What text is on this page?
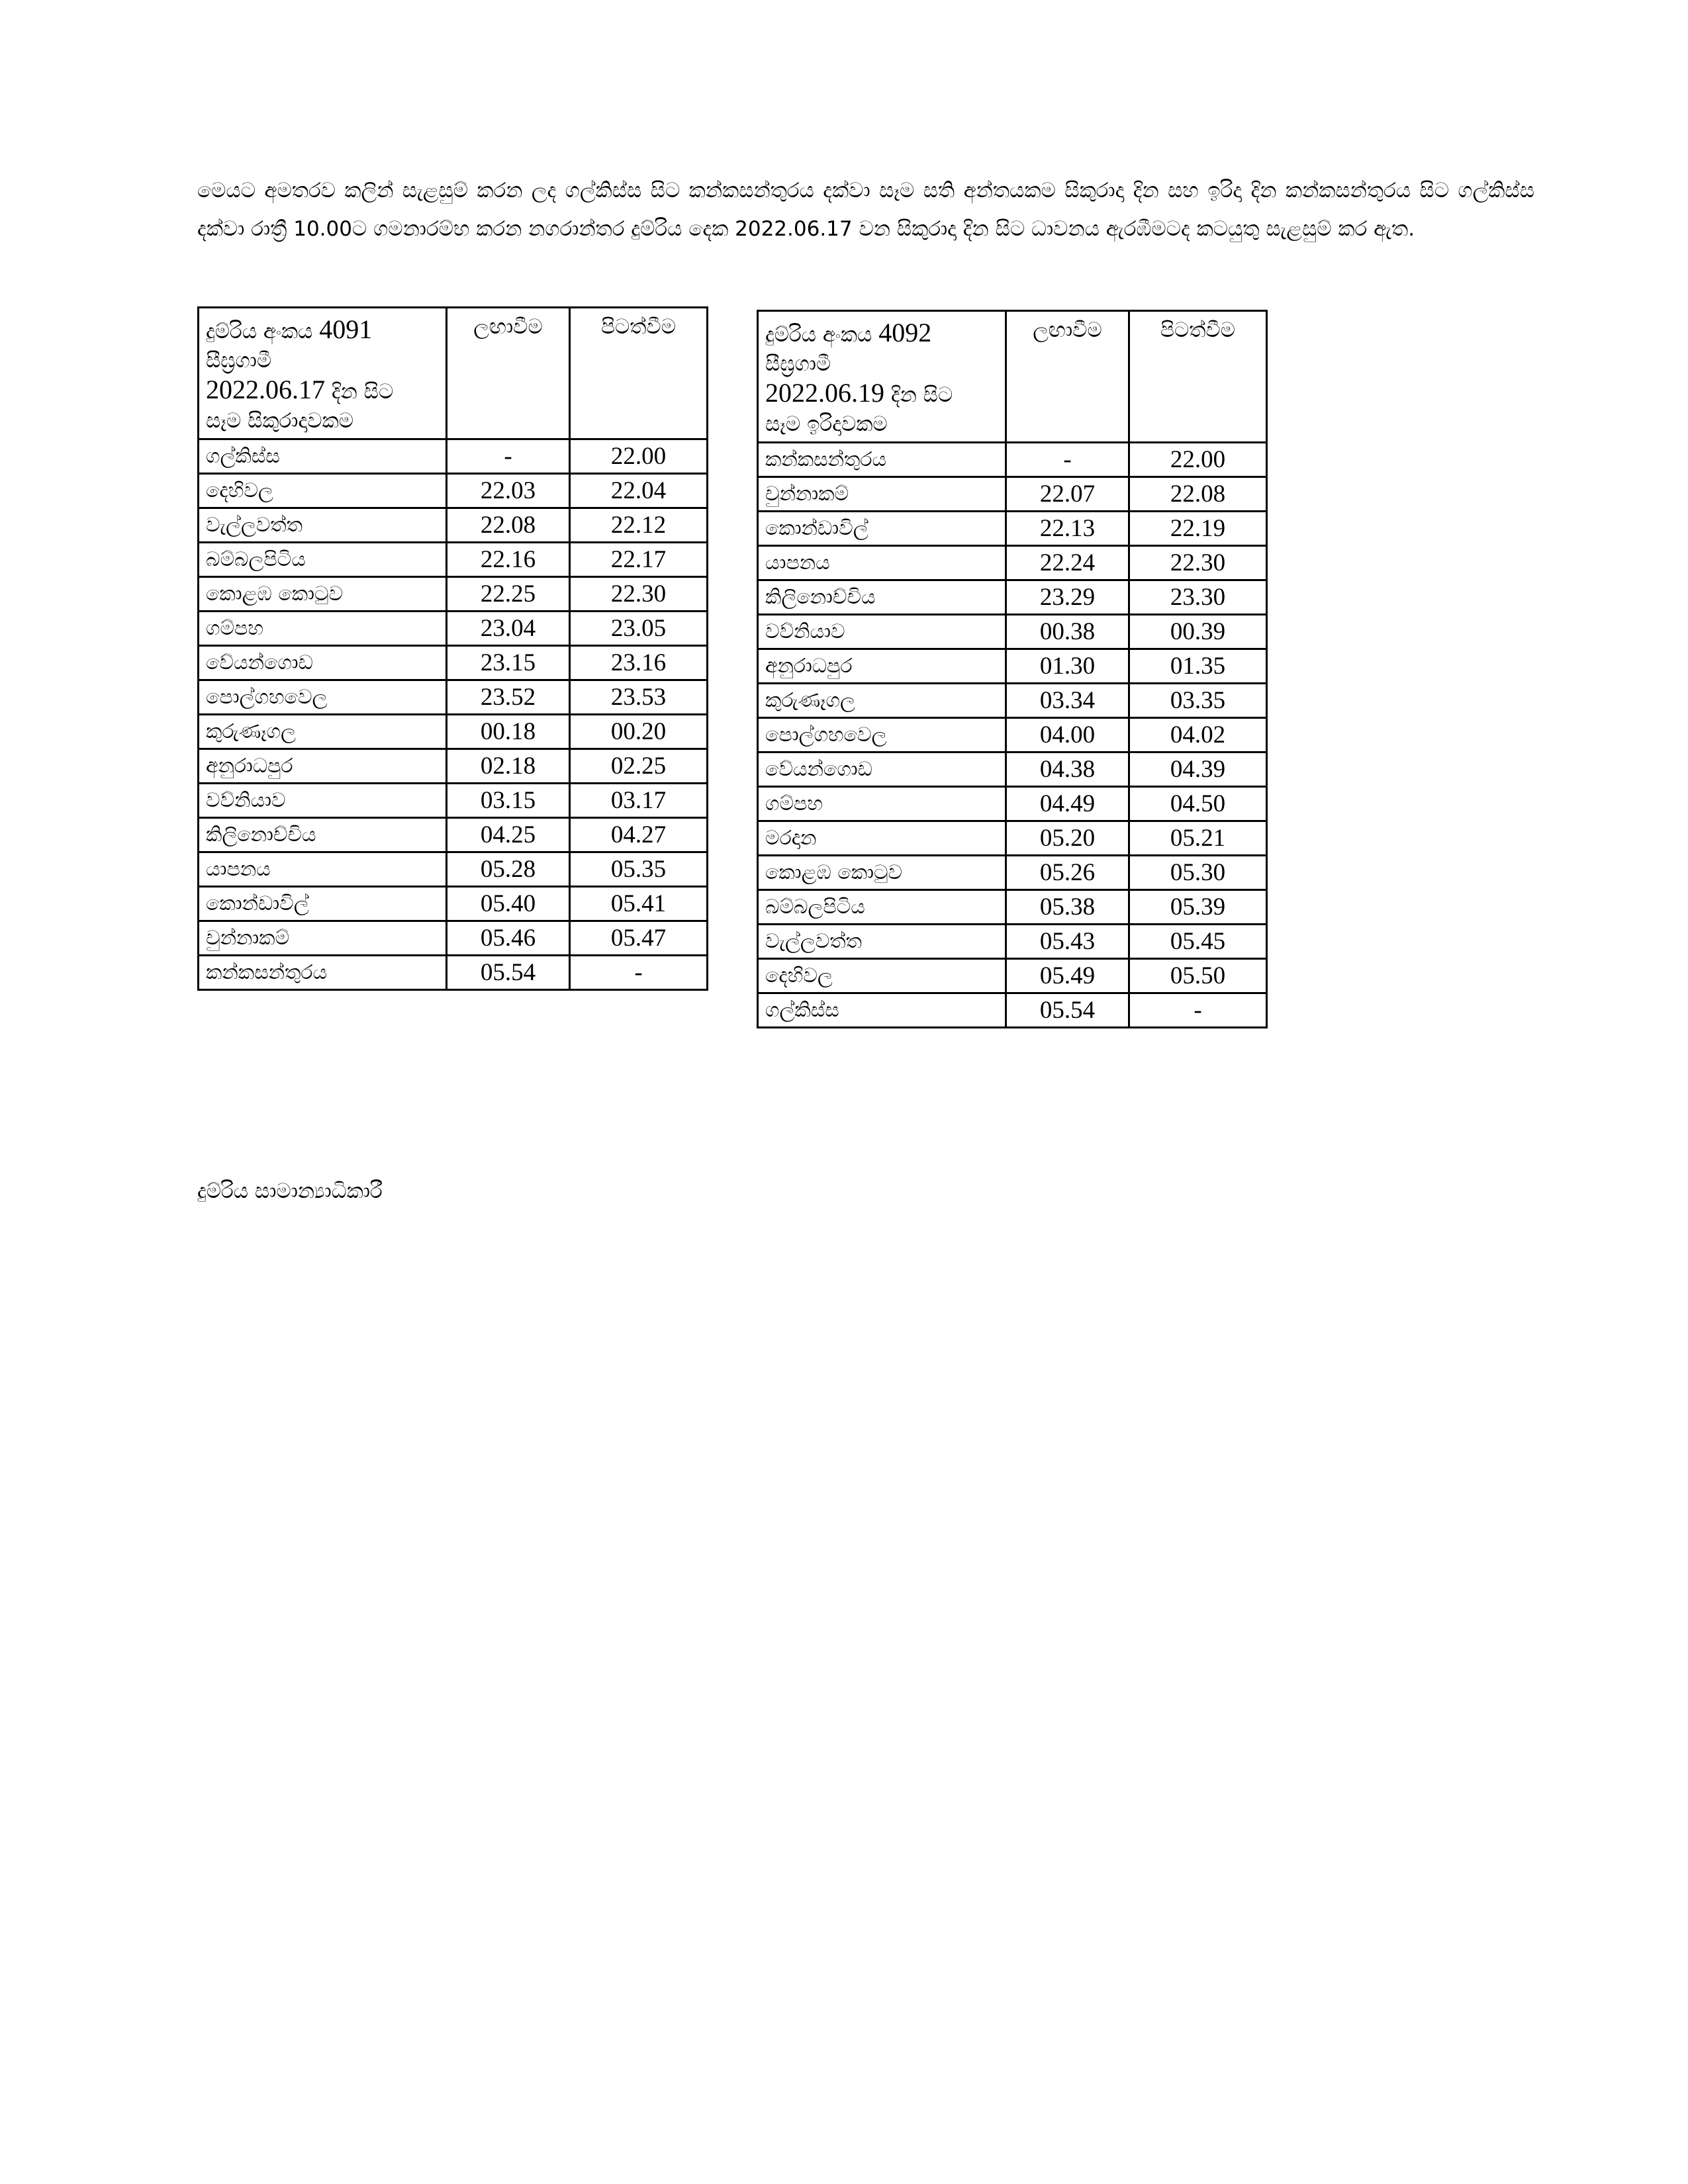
මෙයට අමතරව කලින් සැළසුම් කරන ලද ගල්කිස්ස සිට කන්කසන්තුරය දක්වා සෑම සති අන්තයකම සිකුරාදා දින සහ ඉරිදා දින කන්කසන්තුරය සිට ගල්කිස්ස දක්වා රාත්‍රී 10.00ට ගමනාරම්භ කරන නගරාන්තර දුම්රිය දෙක 2022.06.17 වන සිකුරාදා දින සිට ධාවනය ඇරඹීමටද කටයුතු සැළසුම් කර ඇත.

දුම්රිය අංකය 4091
සීඝ්‍රගාමී
2022.06.17 දින සිට
සෑම සිකුරාදාවකම	ලඟාවීම	පිටත්වීම
ගල්කිස්ස	-	22.00
දෙහිවල	22.03	22.04
වැල්ලවත්ත	22.08	22.12
බම්බලපිටිය	22.16	22.17
කොළඹ කොටුව	22.25	22.30
ගම්පහ	23.04	23.05
වේයන්ගොඩ	23.15	23.16
පොල්ගහවෙල	23.52	23.53
කුරුණෑගල	00.18	00.20
අනුරාධපුර	02.18	02.25
වව්නියාව	03.15	03.17
කිලිනොච්චිය	04.25	04.27
යාපනය	05.28	05.35
කොන්ඩාවිල්	05.40	05.41
චුන්නාකම්	05.46	05.47
කන්කසන්තුරය	05.54	-
දුම්රිය අංකය 4092
සීඝ්‍රගාමී
2022.06.19 දින සිට
සෑම ඉරිදාවකම	ලඟාවීම	පිටත්වීම
කන්කසන්තුරය	-	22.00
චුන්නාකම්	22.07	22.08
කොන්ඩාවිල්	22.13	22.19
යාපනය	22.24	22.30
කිලිනොච්චිය	23.29	23.30
වව්නියාව	00.38	00.39
අනුරාධපුර	01.30	01.35
කුරුණෑගල	03.34	03.35
පොල්ගහවෙල	04.00	04.02
වේයන්ගොඩ	04.38	04.39
ගම්පහ	04.49	04.50
මරදාන	05.20	05.21
කොළඹ කොටුව	05.26	05.30
බම්බලපිටිය	05.38	05.39
වැල්ලවත්ත	05.43	05.45
දෙහිවල	05.49	05.50
ගල්කිස්ස	05.54	-
දුම්රිය සාමාන්‍යාධිකාරී
